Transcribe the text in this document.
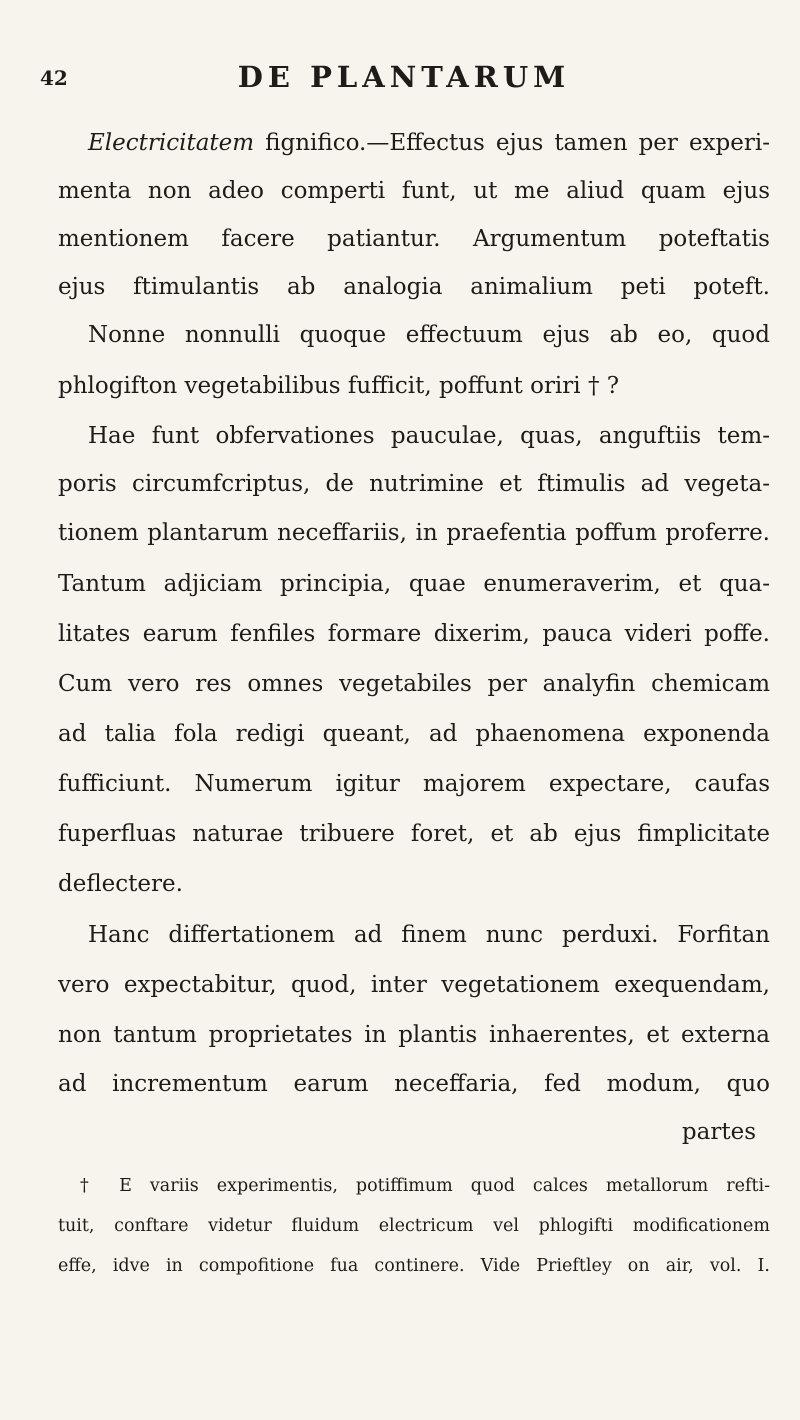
42	DE PLANTARUM
Electricitatem fignifico.—Effectus ejus tamen per experi-
menta non adeo comperti funt, ut me aliud quam ejus
mentionem facere patiantur. Argumentum poteftatis
ejus ftimulantis ab analogia animalium peti poteft.
Nonne nonnulli quoque effectuum ejus ab eo, quod
phlogifton vegetabilibus fufficit, poffunt oriri † ?
Hae funt obfervationes pauculae, quas, anguftiis tem-
poris circumfcriptus, de nutrimine et ftimulis ad vegeta-
tionem plantarum neceffariis, in praefentia poffum proferre.
Tantum adjiciam principia, quae enumeraverim, et qua-
litates earum fenfiles formare dixerim, pauca videri poffe.
Cum vero res omnes vegetabiles per analyfin chemicam
ad talia fola redigi queant, ad phaenomena exponenda
fufficiunt. Numerum igitur majorem expectare, caufas
fuperfluas naturae tribuere foret, et ab ejus fimplicitate
deflectere.
Hanc differtationem ad finem nunc perduxi. Forfitan
vero expectabitur, quod, inter vegetationem exequendam,
non tantum proprietates in plantis inhaerentes, et externa
ad incrementum earum neceffaria, fed modum, quo
partes
† E variis experimentis, potiffimum quod calces metallorum refti-
tuit, conftare videtur fluidum electricum vel phlogifti modificationem
effe, idve in compofitione fua continere. Vide Prieftley on air, vol. I.
